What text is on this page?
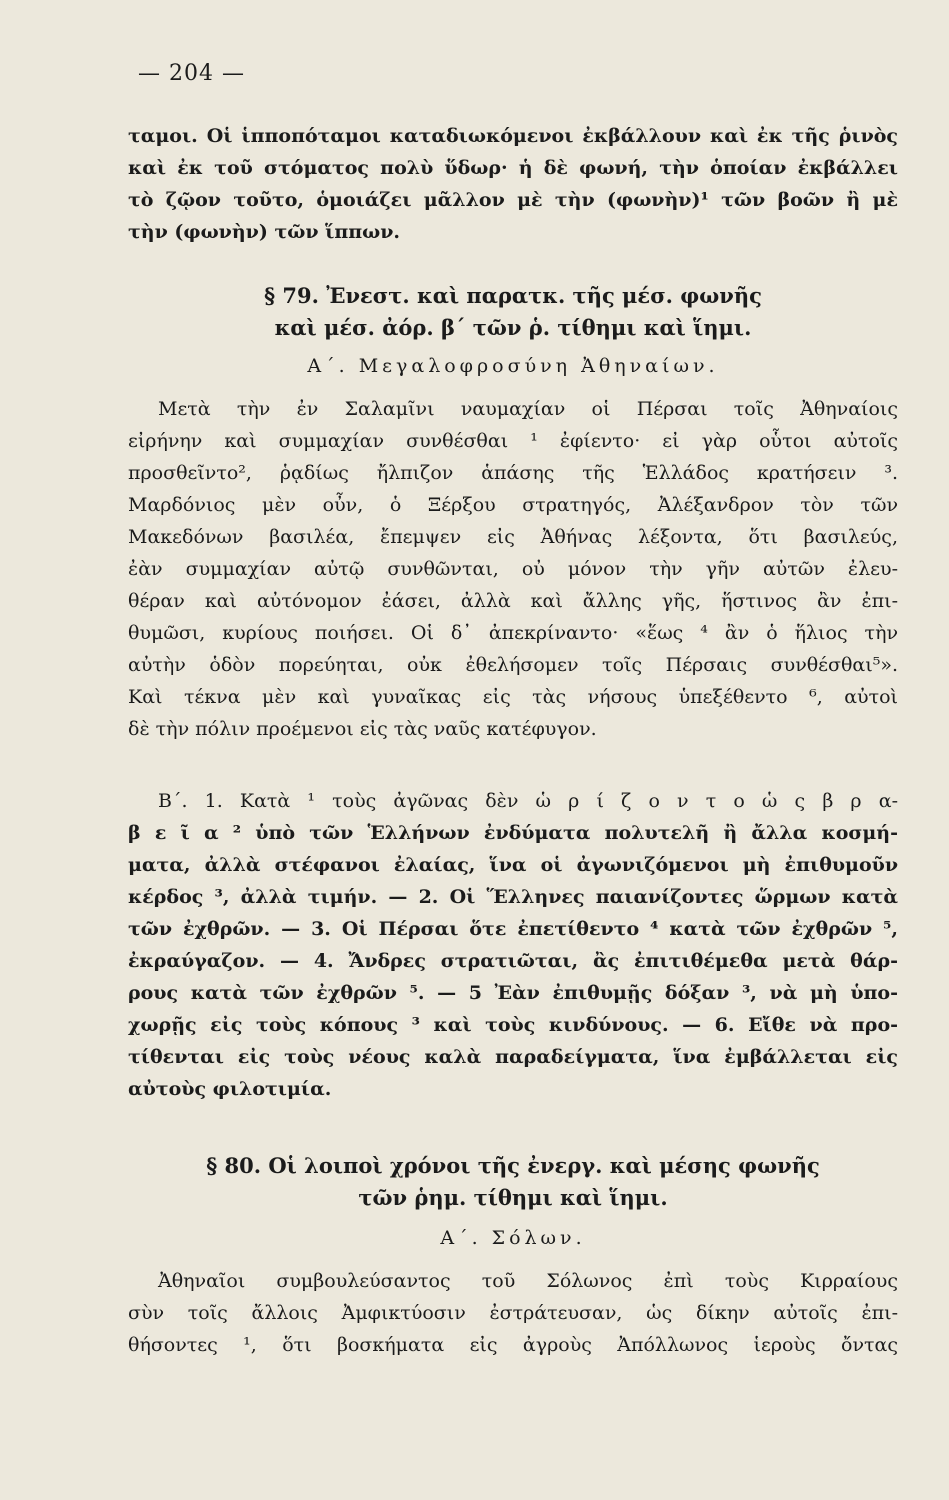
— 204 —
ταμοι. Οἱ ἱπποπόταμοι καταδιωκόμενοι ἐκβάλλουν καὶ ἐκ τῆς ῥινὸς
καὶ ἐκ τοῦ στόματος πολὺ ὕδωρ· ἡ δὲ φωνή, τὴν ὁποίαν ἐκβάλλει
τὸ ζῷον τοῦτο, ὁμοιάζει μᾶλλον μὲ τὴν (φωνὴν)¹ τῶν βοῶν ἢ μὲ
τὴν (φωνὴν) τῶν ἵππων.
§ 79. Ἐνεστ. καὶ παρατκ. τῆς μέσ. φωνῆς
καὶ μέσ. ἀόρ. β´ τῶν ῥ. τίθημι καὶ ἵημι.
Α´. Μεγαλοφροσύνη Ἀθηναίων.
Μετὰ τὴν ἐν Σαλαμῖνι ναυμαχίαν οἱ Πέρσαι τοῖς Ἀθηναίοις
εἰρήνην καὶ συμμαχίαν συνθέσθαι ¹ ἐφίεντο· εἰ γὰρ οὗτοι αὐτοῖς
προσθεῖντο², ῥᾳδίως ἤλπιζον ἁπάσης τῆς Ἑλλάδος κρατήσειν ³.
Μαρδόνιος μὲν οὖν, ὁ Ξέρξου στρατηγός, Ἀλέξανδρον τὸν τῶν
Μακεδόνων βασιλέα, ἔπεμψεν εἰς Ἀθήνας λέξοντα, ὅτι βασιλεύς,
ἐὰν συμμαχίαν αὐτῷ συνθῶνται, οὐ μόνον τὴν γῆν αὐτῶν ἐλευ-
θέραν καὶ αὐτόνομον ἐάσει, ἀλλὰ καὶ ἄλλης γῆς, ἥστινος ἂν ἐπι-
θυμῶσι, κυρίους ποιήσει. Οἱ δ᾽ ἀπεκρίναντο· «ἕως ⁴ ἂν ὁ ἥλιος τὴν
αὐτὴν ὁδὸν πορεύηται, οὐκ ἐθελήσομεν τοῖς Πέρσαις συνθέσθαι⁵».
Καὶ τέκνα μὲν καὶ γυναῖκας εἰς τὰς νήσους ὑπεξέθεντο ⁶, αὐτοὶ
δὲ τὴν πόλιν προέμενοι εἰς τὰς ναῦς κατέφυγον.
Β´. 1. Κατὰ ¹ τοὺς ἀγῶνας δὲν ὡ ρ ί ζ ο ν τ ο ὡ ς β ρ α-
β ε ῖ α ² ὑπὸ τῶν Ἑλλήνων ἐνδύματα πολυτελῆ ἢ ἄλλα κοσμή-
ματα, ἀλλὰ στέφανοι ἐλαίας, ἵνα οἱ ἀγωνιζόμενοι μὴ ἐπιθυμοῦν
κέρδος ³, ἀλλὰ τιμήν. — 2. Οἱ Ἕλληνες παιανίζοντες ὥρμων κατὰ
τῶν ἐχθρῶν. — 3. Οἱ Πέρσαι ὅτε ἐπετίθεντο ⁴ κατὰ τῶν ἐχθρῶν ⁵,
ἐκραύγαζον. — 4. Ἄνδρες στρατιῶται, ἂς ἐπιτιθέμεθα μετὰ θάρ-
ρους κατὰ τῶν ἐχθρῶν ⁵. — 5 Ἐὰν ἐπιθυμῇς δόξαν ³, νὰ μὴ ὑπο-
χωρῇς εἰς τοὺς κόπους ³ καὶ τοὺς κινδύνους. — 6. Εἴθε νὰ προ-
τίθενται εἰς τοὺς νέους καλὰ παραδείγματα, ἵνα ἐμβάλλεται εἰς
αὐτοὺς φιλοτιμία.
§ 80. Οἱ λοιποὶ χρόνοι τῆς ἐνεργ. καὶ μέσης φωνῆς
τῶν ῥημ. τίθημι καὶ ἵημι.
Α´. Σόλων.
Ἀθηναῖοι συμβουλεύσαντος τοῦ Σόλωνος ἐπὶ τοὺς Κιρραίους
σὺν τοῖς ἄλλοις Ἀμφικτύοσιν ἐστράτευσαν, ὡς δίκην αὐτοῖς ἐπι-
θήσοντες ¹, ὅτι βοσκήματα εἰς ἀγροὺς Ἀπόλλωνος ἱεροὺς ὄντας
